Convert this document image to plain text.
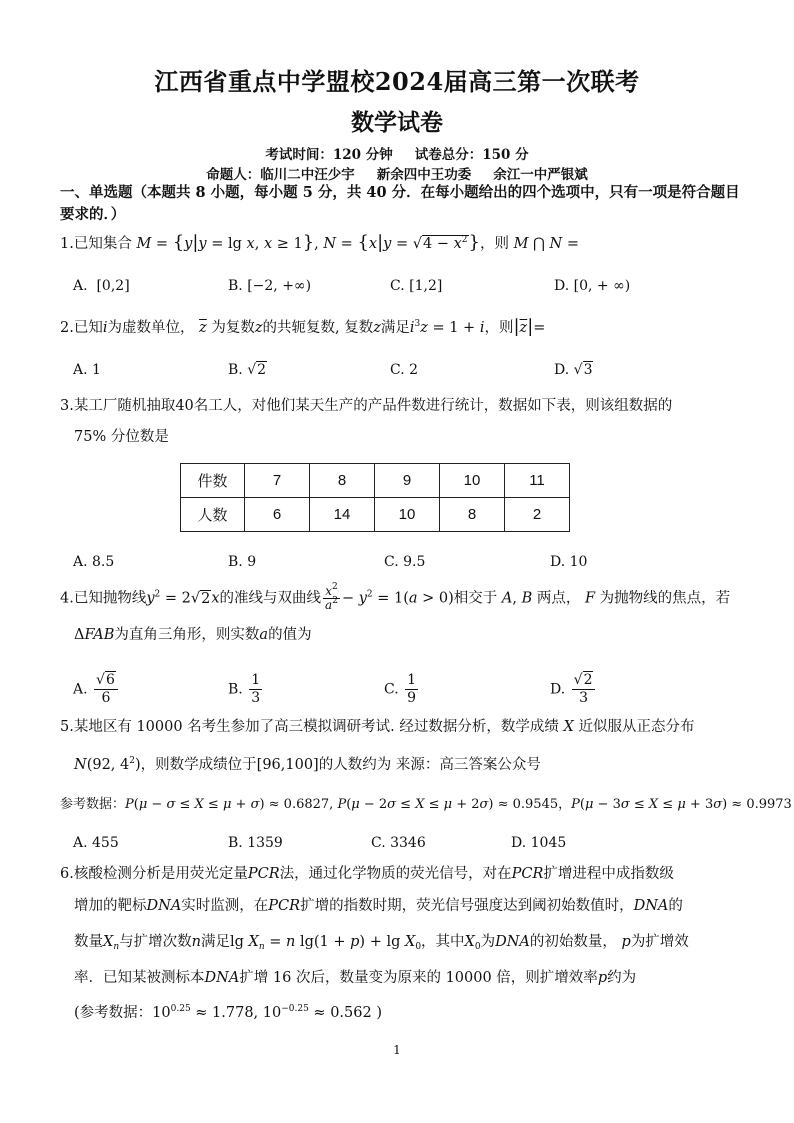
江西省重点中学盟校2024届高三第一次联考
数学试卷
考试时间：120 分钟 试卷总分：150 分
命题人：临川二中汪少宇 新余四中王功委 余江一中严银斌
一、单选题（本题共 8 小题，每小题 5 分，共 40 分．在每小题给出的四个选项中，只有一项是符合题目要求的．）
1.已知集合 M = {y|y = lg x, x ≥ 1}, $N = \{x|y = √4 - x^2\}$，则 M ⋂ N =
A.  [0,2]	B. [−2, +∞)	C. [1,2]	D. [0, + ∞)
2.已知i为虚数单位， $\overline{z}$ 为复数z的共轭复数, 复数z满足$i^3z = 1 + i$，则$|\overline{z}|=$
A. 1	B. √2	C. 2	D. √3
3.某工厂随机抽取40名工人，对他们某天生产的产品件数进行统计，数据如下表，则该组数据的
75% 分位数是
件数	7	8	9	10	11
人数	6	14	10	8	2
A. 8.5	B. 9	C. 9.5	D. 10
4.已知抛物线$y^2 = 2√2x$的准线与双曲线 $\frac{x^2}{a^2} - y^2 = 1(a > 0)$相交于 A, B 两点， F 为抛物线的焦点，若
ΔFAB为直角三角形，则实数a的值为
A. $\frac{√6}{6}$	B. $\frac{1}{3}$	C. $\frac{1}{9}$	D. $\frac{√2}{3}$
5.某地区有 10000 名考生参加了高三模拟调研考试. 经过数据分析，数学成绩 X 近似服从正态分布
N(92, $4^2$)，则数学成绩位于[96,100]的人数约为 来源：高三答案公众号
参考数据：P(μ − σ ≤ X ≤ μ + σ) ≈ 0.6827, P(μ − 2σ ≤ X ≤ μ + 2σ) ≈ 0.9545，P(μ − 3σ ≤ X ≤ μ + 3σ) ≈ 0.9973
A. 455	B. 1359	C. 3346	D. 1045
6.核酸检测分析是用荧光定量PCR法，通过化学物质的荧光信号，对在PCR扩增进程中成指数级
增加的靶标DNA实时监测，在PCR扩增的指数时期，荧光信号强度达到阈初始数值时，DNA的
数量$X_n$与扩增次数n满足$\lg X_n = n$ $\lg(1 + p) + \lg X_0$，其中$X_0$为DNA的初始数量， p为扩增效
率．已知某被测标本DNA扩增 16 次后，数量变为原来的 10000 倍，则扩增效率p约为
(参考数据：$10^{0.25} \approx 1.778$, $10^{-0.25} \approx 0.562$ )
1
